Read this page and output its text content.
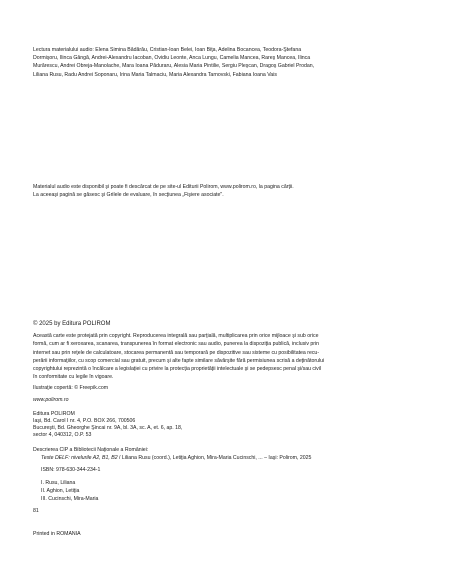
Lectura materialului audio: Elena Simina Bădărău, Cristian-Ioan Belei, Ioan Biţa, Adelina Bocancea, Teodora-Ştefana
Dormişoru, Ilinca Gângă, Andrei-Alexandru Iacoban, Ovidiu Leonte, Anca Lungu, Camelia Mancea, Rareş Mancea, Ilinca
Murărescu, Andrei Obreja-Manolache, Mara Ioana Păduraru, Alesia Maria Pintilie, Sergiu Pleşcan, Dragoş Gabriel Prodan,
Liliana Rusu, Radu Andrei Soponaru, Irina Maria Talmaciu, Maria Alexandra Tarnovski, Fabiana Ioana Vais
Materialul audio este disponibil şi poate fi descărcat de pe site-ul Editurii Polirom, www.polirom.ro, la pagina cărţii.
La aceeaşi pagină se găsesc şi Grilele de evaluare, în secţiunea „Fişiere asociate".
© 2025 by Editura POLIROM
Această carte este protejată prin copyright. Reproducerea integrală sau parţială, multiplicarea prin orice mijloace şi sub orice
formă, cum ar fi xeroxarea, scanarea, transpunerea în format electronic sau audio, punerea la dispoziţia publică, inclusiv prin
internet sau prin reţele de calculatoare, stocarea permanentă sau temporară pe dispozitive sau sisteme cu posibilitatea recu-
perării informaţiilor, cu scop comercial sau gratuit, precum şi alte fapte similare săvârşite fără permisiunea scrisă a deţinătorului
copyrightului reprezintă o încălcare a legislaţiei cu privire la protecţia proprietăţii intelectuale şi se pedepsesc penal şi/sau civil
în conformitate cu legile în vigoare.
Ilustraţie copertă: © Freepik.com
www.polirom.ro
Editura POLIROM
Iaşi, Bd. Carol I nr. 4, P.O. BOX 266, 700506
Bucureşti, Bd. Gheorghe Şincai nr. 9A, bl. 3A, sc. A, et. 6, ap. 18,
sector 4, 040312, O.P. 53
Descrierea CIP a Bibliotecii Naţionale a României:
Teste DELF: nivelurile A2, B1, B2 / Liliana Rusu (coord.), Letiţia Aghion, Mira-Maria Cucinschi, ... – Iaşi: Polirom, 2025
ISBN: 978-630-344-234-1
I. Rusu, Liliana
II. Aghion, Letiţia
III. Cucinschi, Mira-Maria
81
Printed in ROMANIA
